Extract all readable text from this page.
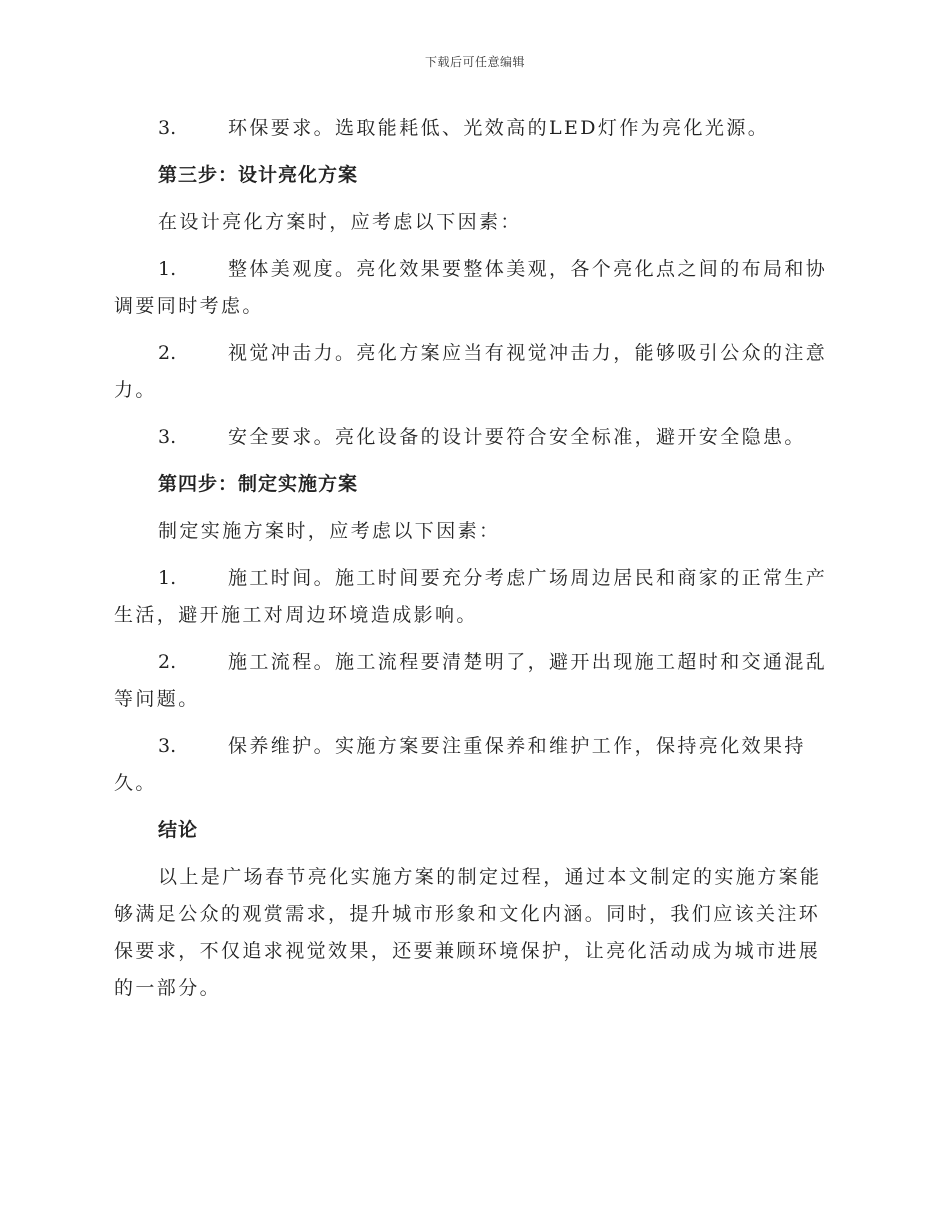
下载后可任意编辑
3.	环保要求。选取能耗低、光效高的LED灯作为亮化光源。
第三步：设计亮化方案
在设计亮化方案时，应考虑以下因素：
1.	整体美观度。亮化效果要整体美观，各个亮化点之间的布局和协调要同时考虑。
2.	视觉冲击力。亮化方案应当有视觉冲击力，能够吸引公众的注意力。
3.	安全要求。亮化设备的设计要符合安全标准，避开安全隐患。
第四步：制定实施方案
制定实施方案时，应考虑以下因素：
1.	施工时间。施工时间要充分考虑广场周边居民和商家的正常生产生活，避开施工对周边环境造成影响。
2.	施工流程。施工流程要清楚明了，避开出现施工超时和交通混乱等问题。
3.	保养维护。实施方案要注重保养和维护工作，保持亮化效果持久。
结论
以上是广场春节亮化实施方案的制定过程，通过本文制定的实施方案能够满足公众的观赏需求，提升城市形象和文化内涵。同时，我们应该关注环保要求，不仅追求视觉效果，还要兼顾环境保护，让亮化活动成为城市进展的一部分。
